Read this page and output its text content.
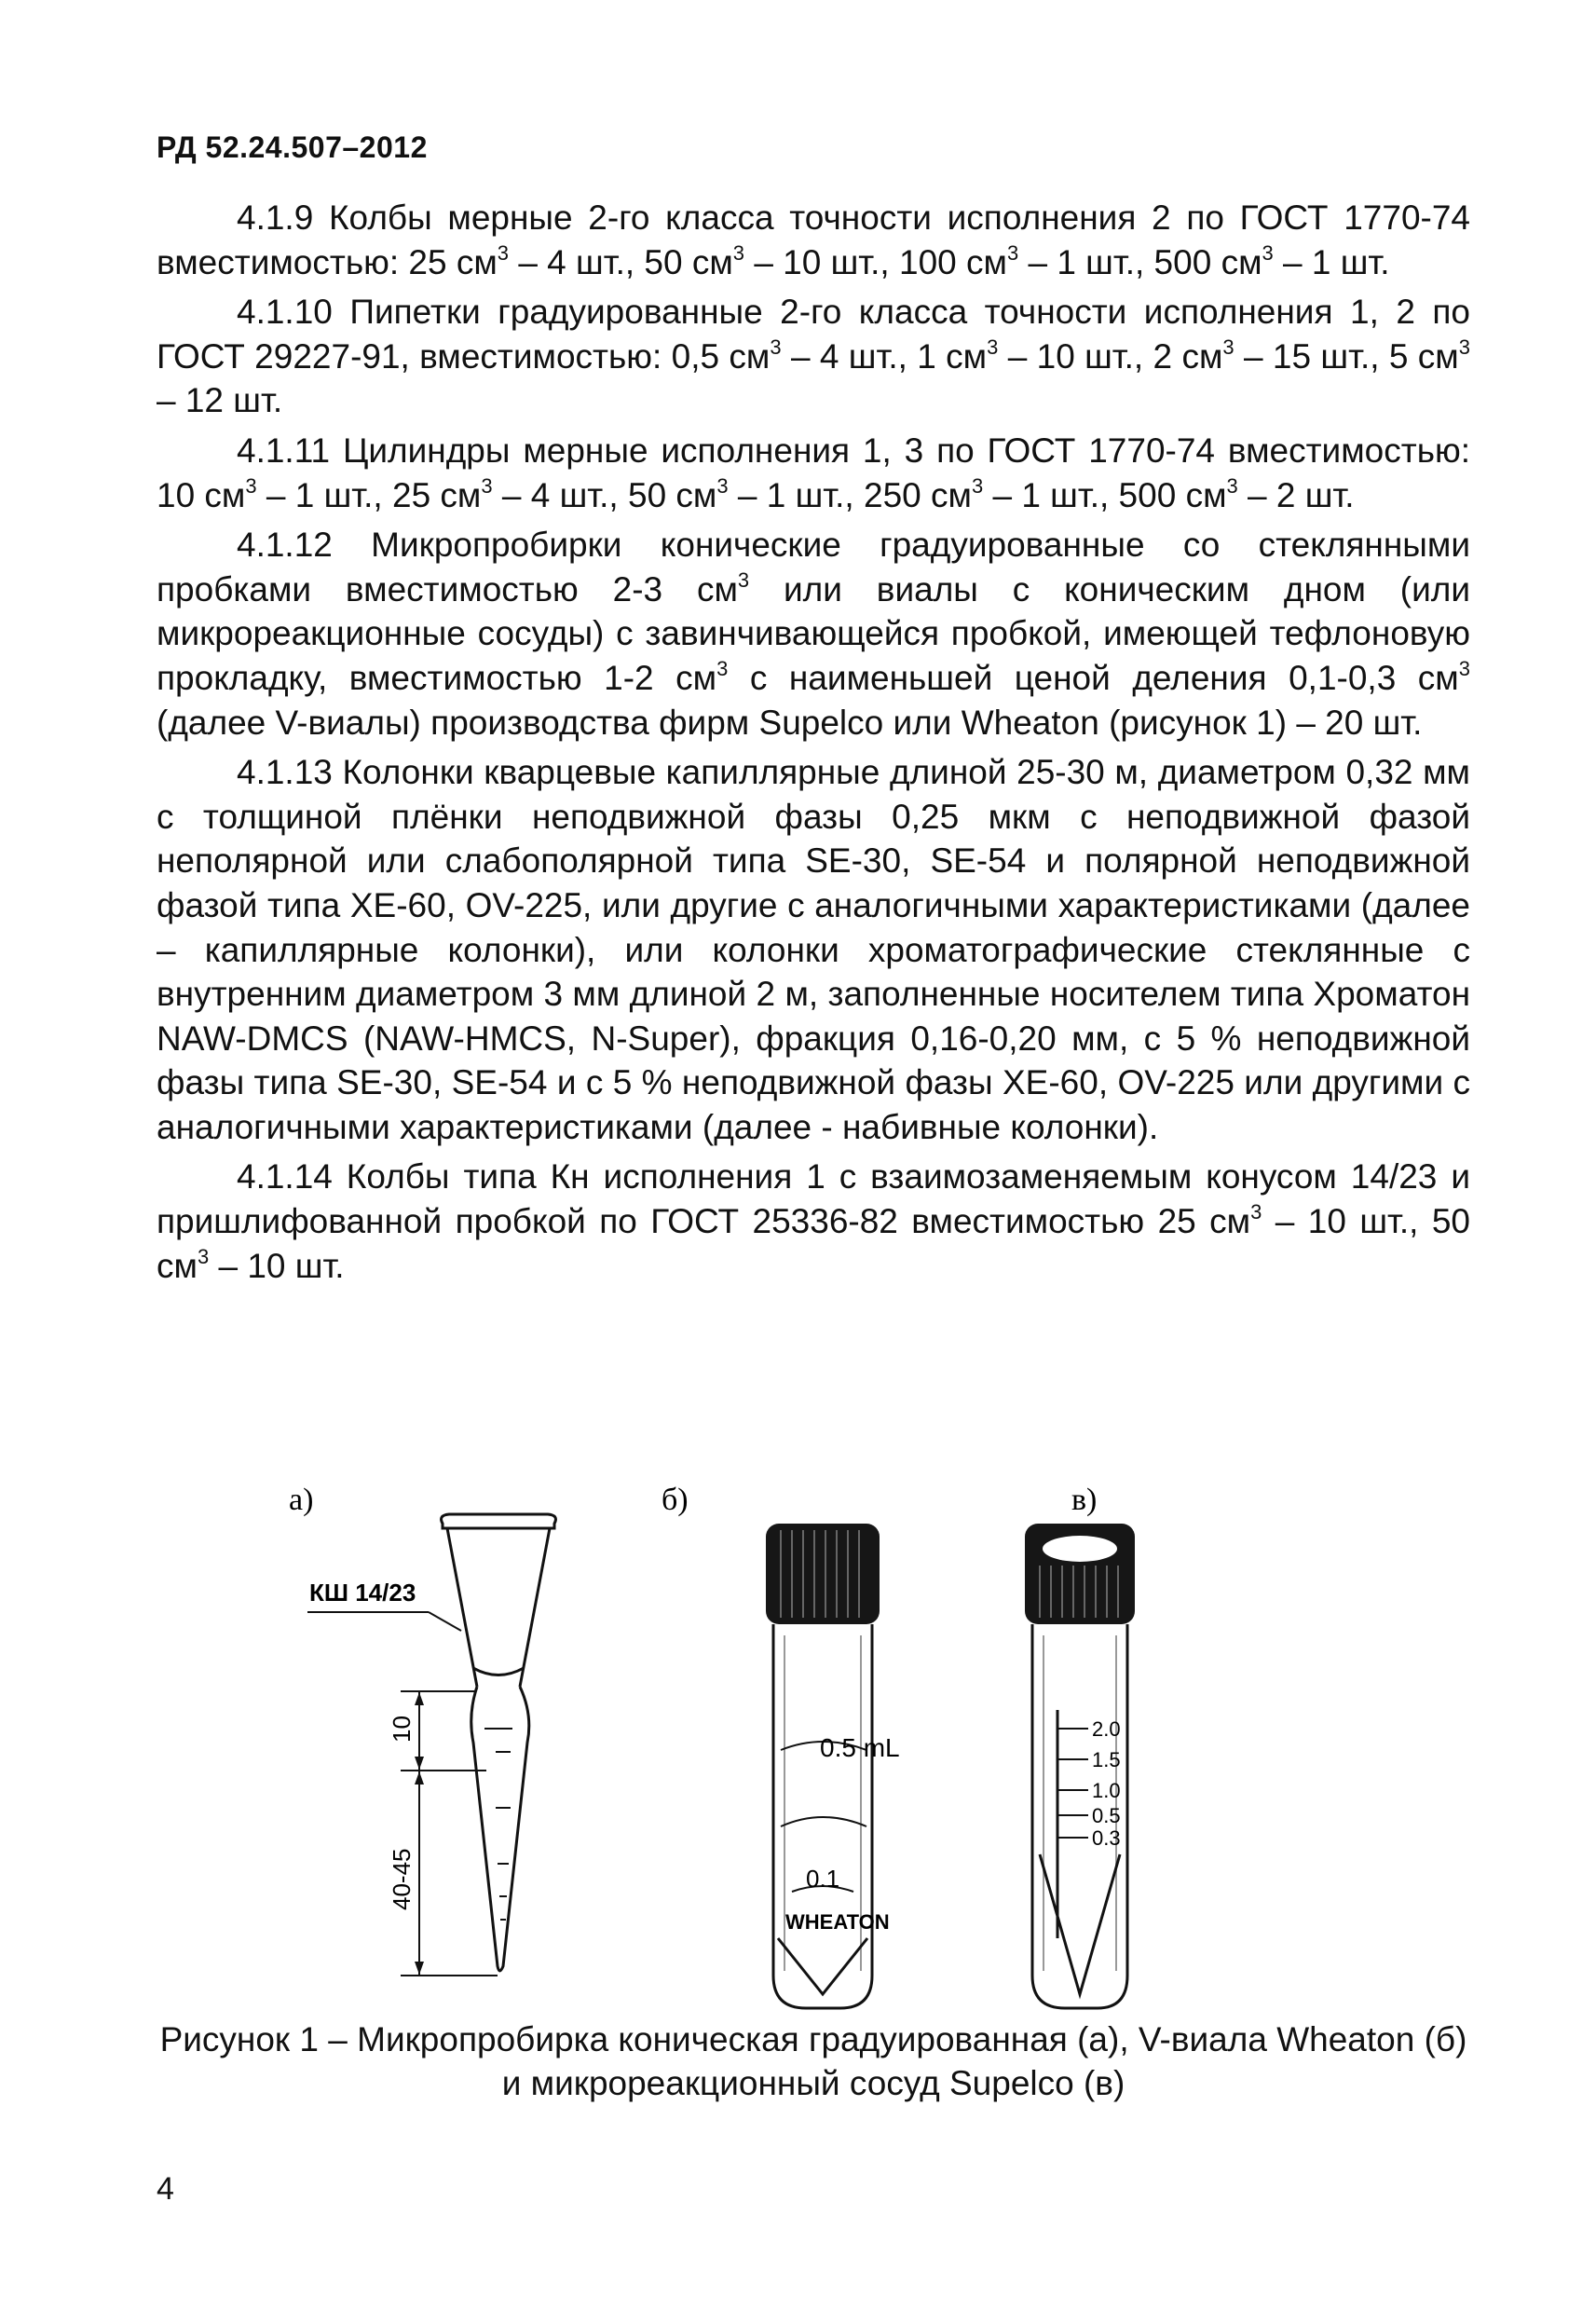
РД 52.24.507–2012

4.1.9 Колбы мерные 2-го класса точности исполнения 2 по ГОСТ 1770-74 вместимостью: 25 $см^3 - 4$ шт., 50 $см^3 - 10$ шт., 100 $см^3 - 1$ шт., 500 $см^3 - 1$ шт.

4.1.10 Пипетки градуированные 2-го класса точности исполнения 1, 2 по ГОСТ 29227-91, вместимостью: 0,5 $см^3 - 4$ шт., 1 $см^3 - 10$ шт., 2 $см^3 - 15$ шт., 5 $см^3 - 12$ шт.

4.1.11 Цилиндры мерные исполнения 1, 3 по ГОСТ 1770-74 вместимостью: 10 $см^3 - 1$ шт., 25 $см^3 - 4$ шт., 50 $см^3 - 1$ шт., 250 $см^3 - 1$ шт., 500 $см^3 - 2$ шт.

4.1.12 Микропробирки конические градуированные со стеклянными пробками вместимостью 2-3 $см^3$ или виалы с коническим дном (или микрореакционные сосуды) с завинчивающейся пробкой, имеющей тефлоновую прокладку, вместимостью 1-2 $см^3$ с наименьшей ценой деления 0,1-0,3 $см^3$ (далее V-виалы) производства фирм Supelco или Wheaton (рисунок 1) – 20 шт.

4.1.13 Колонки кварцевые капиллярные длиной 25-30 м, диаметром 0,32 мм с толщиной плёнки неподвижной фазы 0,25 мкм с неподвижной фазой неполярной или слабополярной типа SE-30, SE-54 и полярной неподвижной фазой типа XE-60, OV-225, или другие с аналогичными характеристиками (далее – капиллярные колонки), или колонки хроматографические стеклянные с внутренним диаметром 3 мм длиной 2 м, заполненные носителем типа Хроматон NAW-DMCS (NAW-HMCS, N-Super), фракция 0,16-0,20 мм, с 5 % неподвижной фазы типа SE-30, SE-54 и с 5 % неподвижной фазы XE-60, OV-225 или другими с аналогичными характеристиками (далее - набивные колонки).

4.1.14 Колбы типа Кн исполнения 1 с взаимозаменяемым конусом 14/23 и пришлифованной пробкой по ГОСТ 25336-82 вместимостью 25 $см^3 - 10$ шт., 50 $см^3 - 10$ шт.

а)	б)	в)
КШ 14/23
10
40-45
0.5 mL
0.1
WHEATON
2.0
1.5
1.0
0.5
0.3
Рисунок 1 – Микропробирка коническая градуированная (а), V-виала Wheaton (б) и микрореакционный сосуд Supelco (в)
4
